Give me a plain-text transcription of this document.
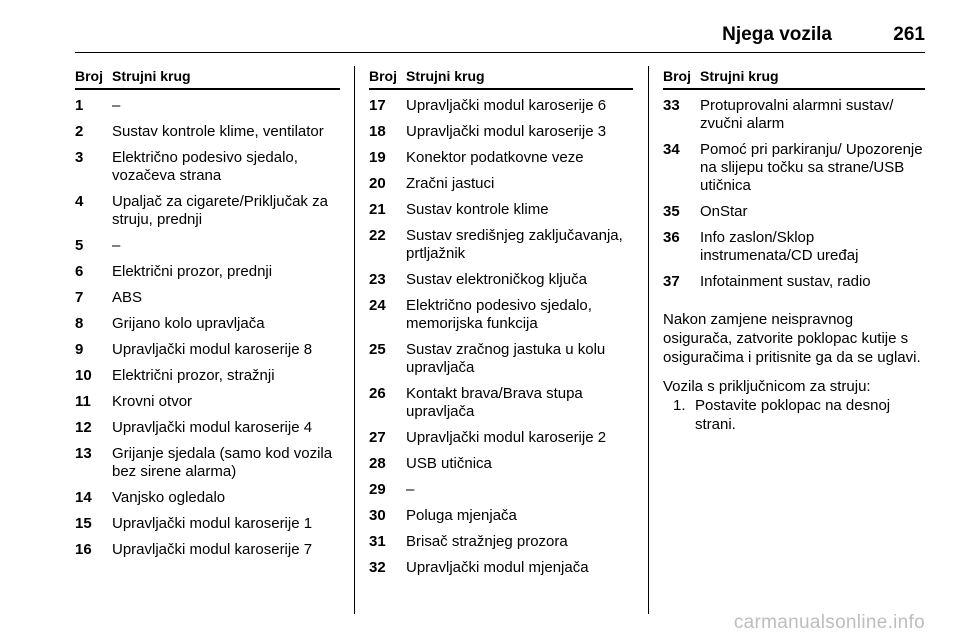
Njega vozila	261
Broj Strujni krug
1	–
2	Sustav kontrole klime, ventilator
3	Električno podesivo sjedalo, vozačeva strana
4	Upaljač za cigarete/Priključak za struju, prednji
5	–
6	Električni prozor, prednji
7	ABS
8	Grijano kolo upravljača
9	Upravljački modul karoserije 8
10	Električni prozor, stražnji
11	Krovni otvor
12	Upravljački modul karoserije 4
13	Grijanje sjedala (samo kod vozila bez sirene alarma)
14	Vanjsko ogledalo
15	Upravljački modul karoserije 1
16	Upravljački modul karoserije 7
Broj Strujni krug
17	Upravljački modul karoserije 6
18	Upravljački modul karoserije 3
19	Konektor podatkovne veze
20	Zračni jastuci
21	Sustav kontrole klime
22	Sustav središnjeg zaključavanja, prtljažnik
23	Sustav elektroničkog ključa
24	Električno podesivo sjedalo, memorijska funkcija
25	Sustav zračnog jastuka u kolu upravljača
26	Kontakt brava/Brava stupa upravljača
27	Upravljački modul karoserije 2
28	USB utičnica
29	–
30	Poluga mjenjača
31	Brisač stražnjeg prozora
32	Upravljački modul mjenjača
Broj Strujni krug
33	Protuprovalni alarmni sustav/ zvučni alarm
34	Pomoć pri parkiranju/ Upozorenje na slijepu točku sa strane/USB utičnica
35	OnStar
36	Info zaslon/Sklop instrumenata/CD uređaj
37	Infotainment sustav, radio
Nakon zamjene neispravnog osigurača, zatvorite poklopac kutije s osiguračima i pritisnite ga da se uglavi.
Vozila s priključnicom za struju:
1. Postavite poklopac na desnoj strani.
carmanualsonline.info
